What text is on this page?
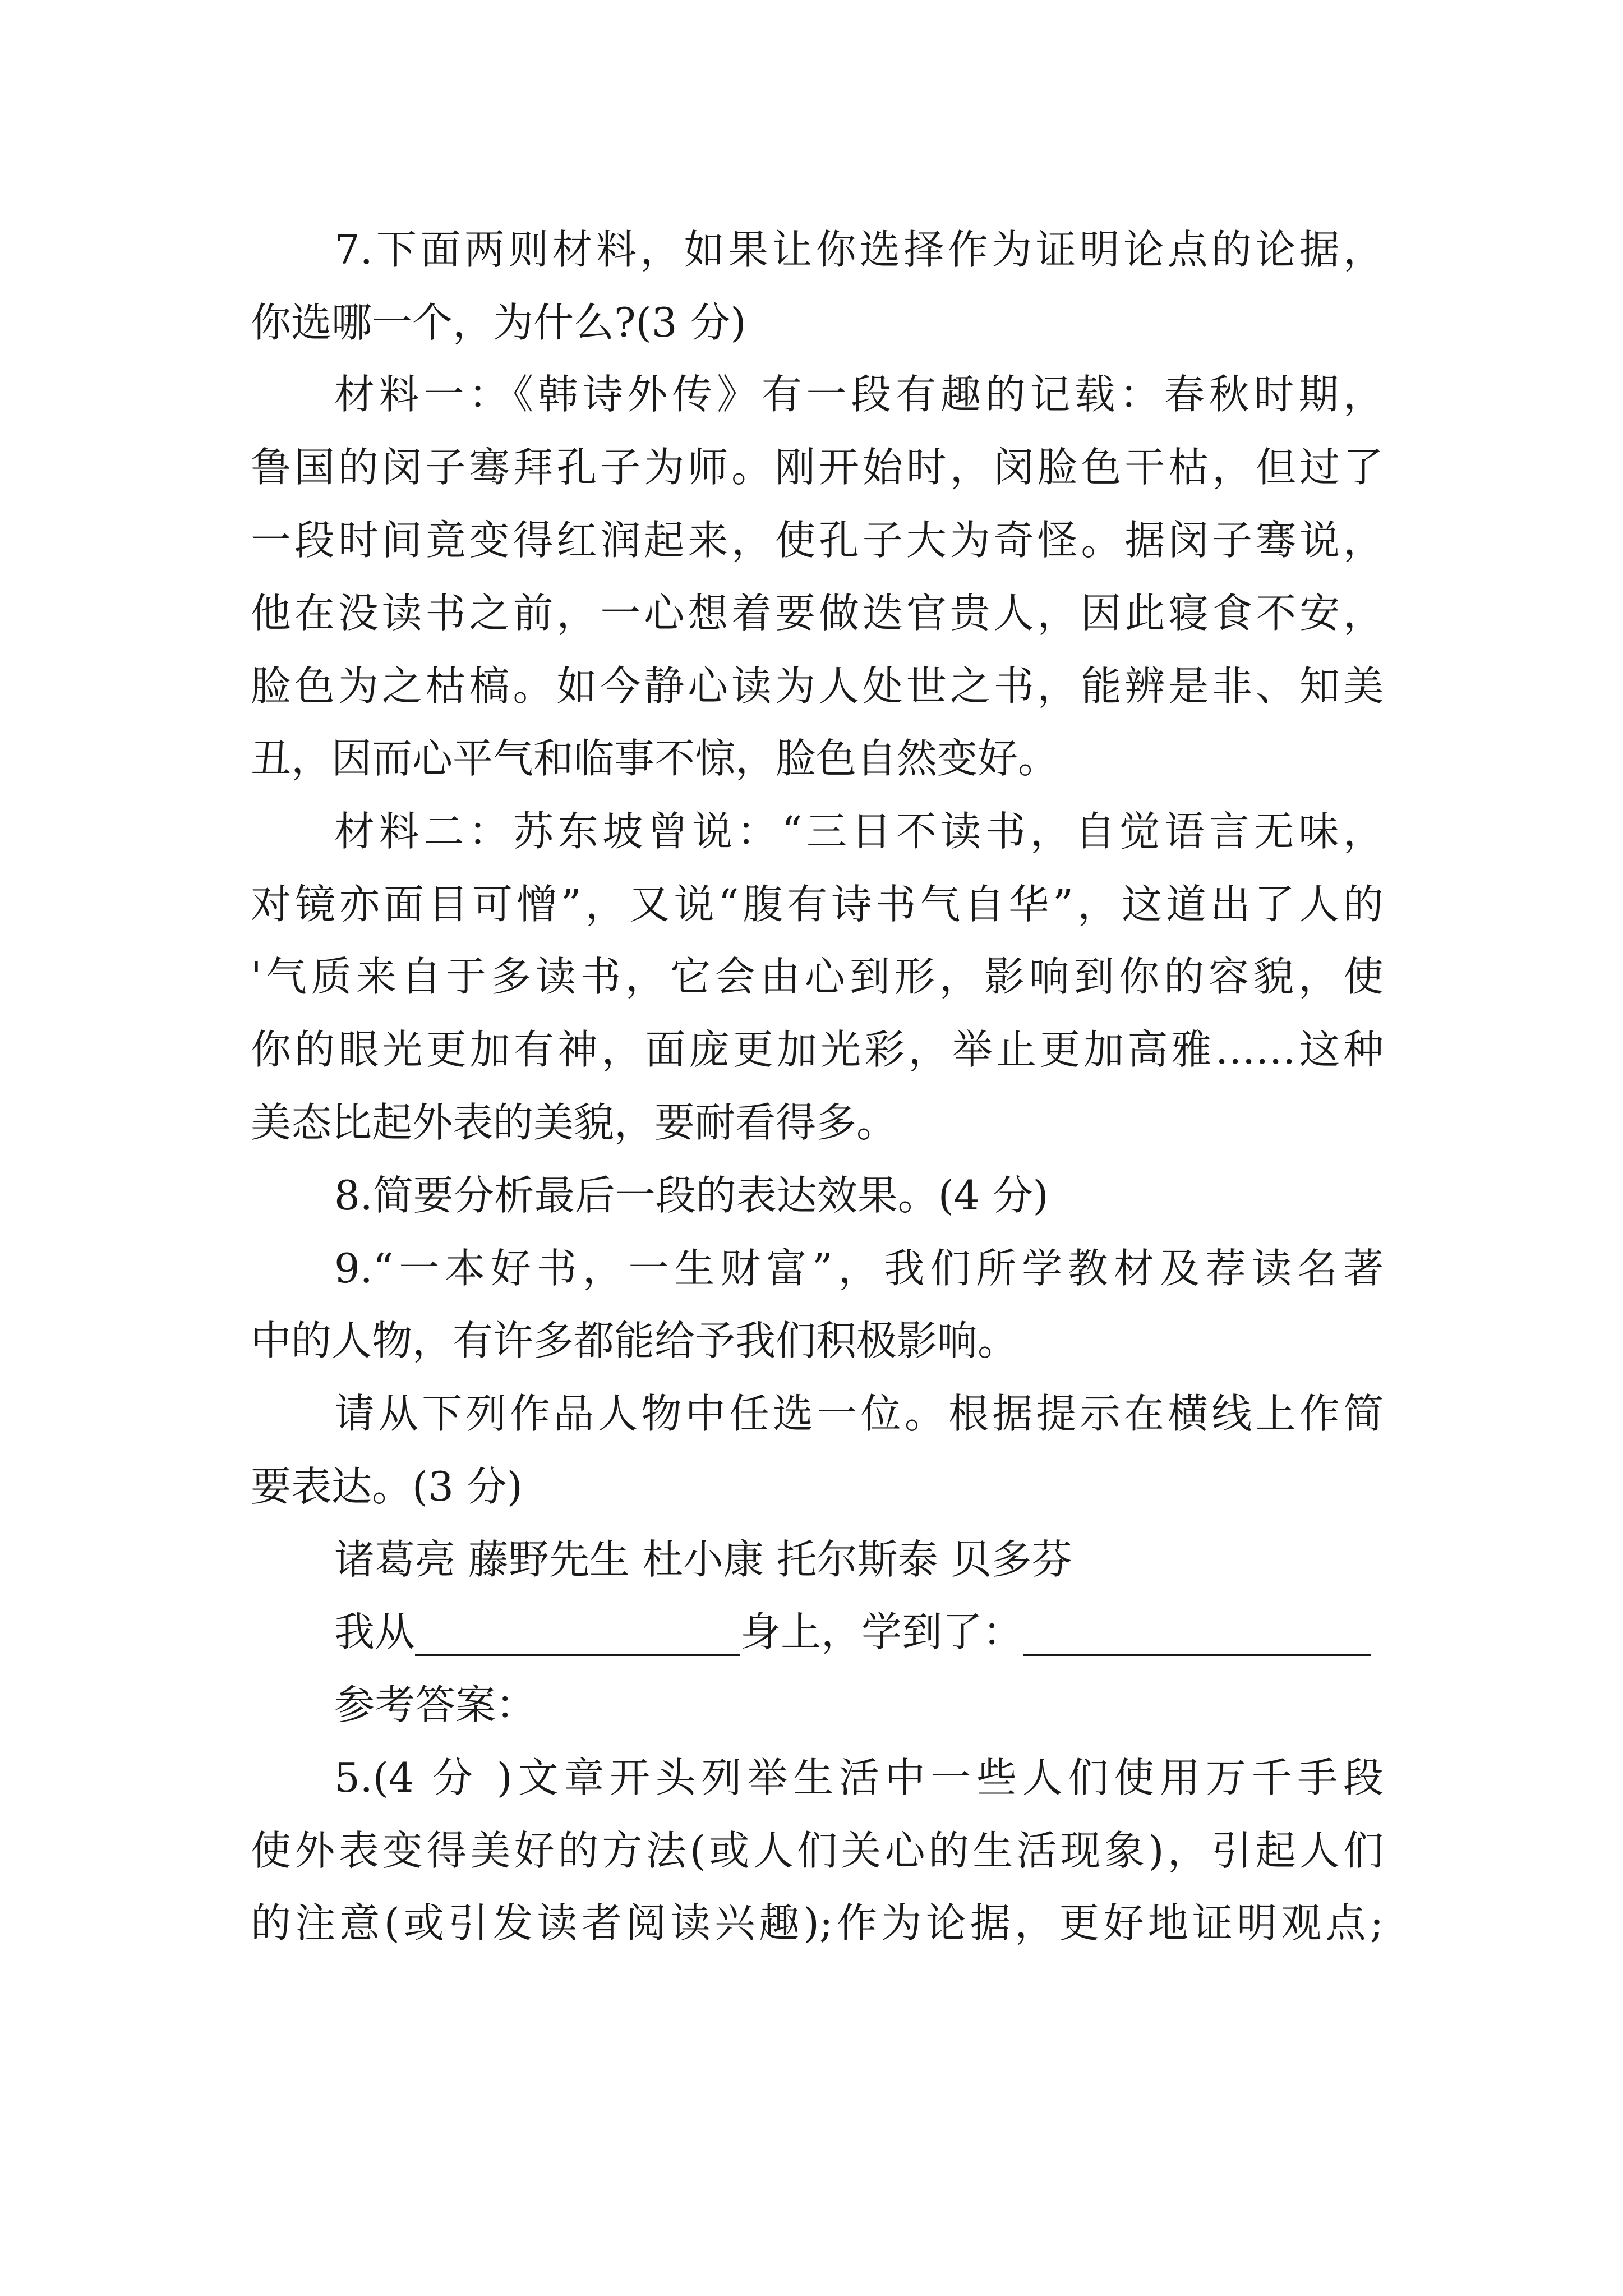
7.下面两则材料，如果让你选择作为证明论点的论据，
你选哪一个，为什么?(3 分)
材料一：《韩诗外传》有一段有趣的记载：春秋时期，
鲁国的闵子骞拜孔子为师。刚开始时，闵脸色干枯，但过了
一段时间竟变得红润起来，使孔子大为奇怪。据闵子骞说，
他在没读书之前，一心想着要做迭官贵人，因此寝食不安，
脸色为之枯槁。如今静心读为人处世之书，能辨是非、知美
丑，因而心平气和临事不惊，脸色自然变好。
材料二：苏东坡曾说：“三日不读书，自觉语言无味，
对镜亦面目可憎”，又说“腹有诗书气自华”，这道出了人的
'气质来自于多读书，它会由心到形，影响到你的容貌，使
你的眼光更加有神，面庞更加光彩，举止更加高雅……这种
美态比起外表的美貌，要耐看得多。
8.简要分析最后一段的表达效果。(4 分)
9.“一本好书，一生财富”，我们所学教材及荐读名著
中的人物，有许多都能给予我们积极影响。
请从下列作品人物中任选一位。根据提示在横线上作简
要表达。(3 分)
诸葛亮 藤野先生 杜小康 托尔斯泰 贝多芬
我从	身上，学到了：
参考答案：
5.(4 分 )文章开头列举生活中一些人们使用万千手段
使外表变得美好的方法(或人们关心的生活现象)，引起人们
的注意(或引发读者阅读兴趣);作为论据，更好地证明观点;
